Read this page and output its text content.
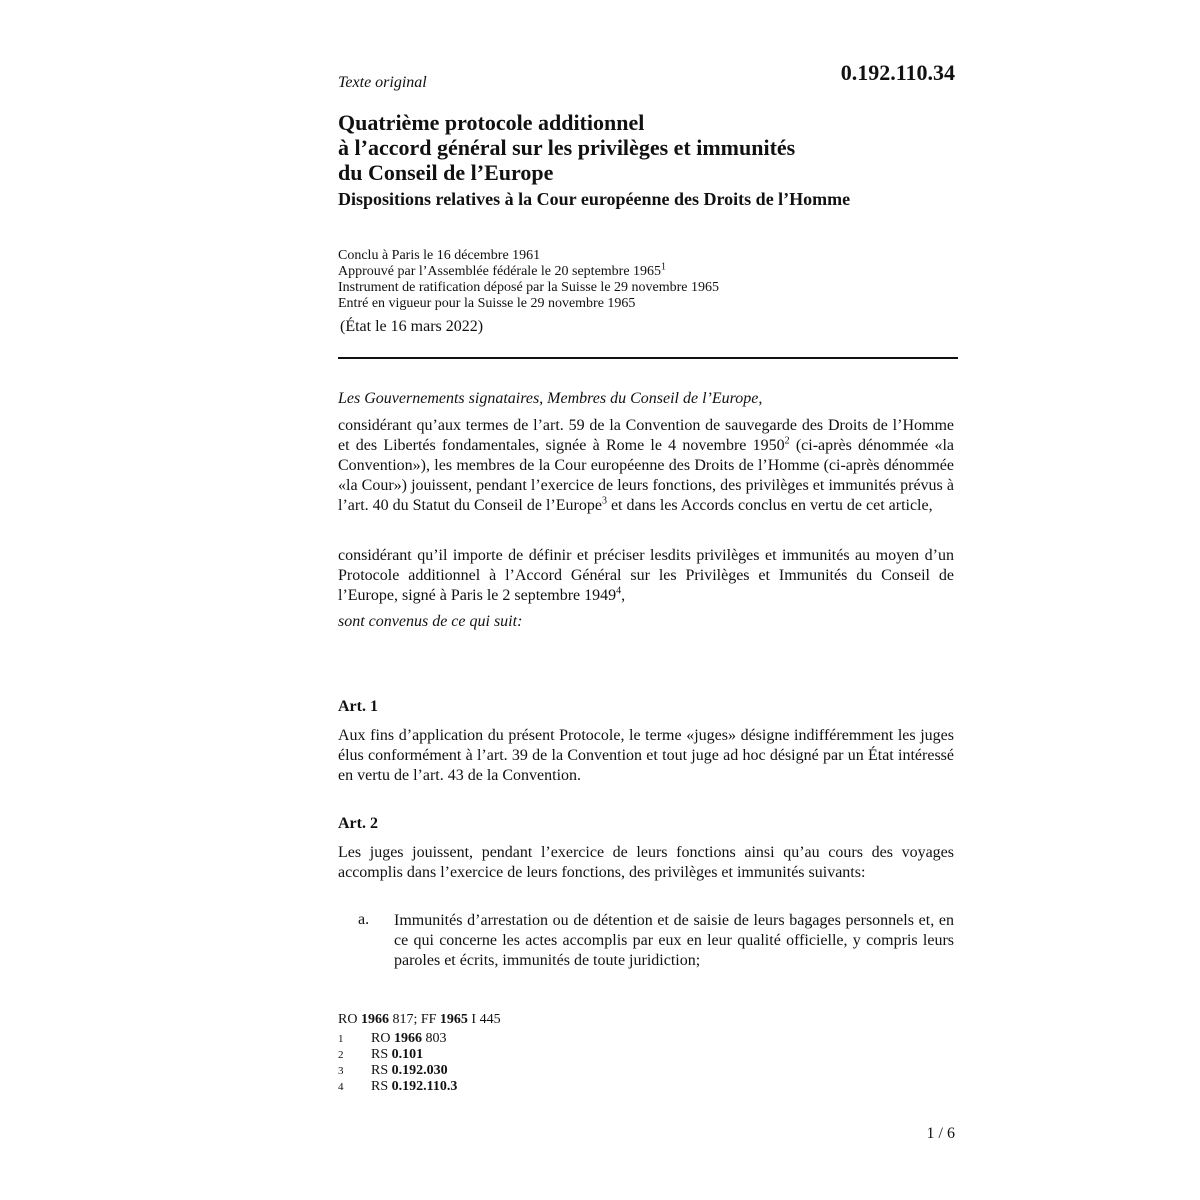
Texte original	0.192.110.34
Quatrième protocole additionnel
à l’accord général sur les privilèges et immunités
du Conseil de l’Europe
Dispositions relatives à la Cour européenne des Droits de l’Homme
Conclu à Paris le 16 décembre 1961
Approuvé par l’Assemblée fédérale le 20 septembre 1965$^1$
Instrument de ratification déposé par la Suisse le 29 novembre 1965
Entré en vigueur pour la Suisse le 29 novembre 1965
(État le 16 mars 2022)
Les Gouvernements signataires, Membres du Conseil de l’Europe,
considérant qu’aux termes de l’art. 59 de la Convention de sauvegarde des Droits de l’Homme et des Libertés fondamentales, signée à Rome le 4 novembre 1950$^2$ (ci-après dénommée «la Convention»), les membres de la Cour européenne des Droits de l’Homme (ci-après dénommée «la Cour») jouissent, pendant l’exercice de leurs fonctions, des privilèges et immunités prévus à l’art. 40 du Statut du Conseil de l’Europe$^3$ et dans les Accords conclus en vertu de cet article,
considérant qu’il importe de définir et préciser lesdits privilèges et immunités au moyen d’un Protocole additionnel à l’Accord Général sur les Privilèges et Immunités du Conseil de l’Europe, signé à Paris le 2 septembre 1949$^4$,
sont convenus de ce qui suit:
Art. 1
Aux fins d’application du présent Protocole, le terme «juges» désigne indifféremment les juges élus conformément à l’art. 39 de la Convention et tout juge ad hoc désigné par un État intéressé en vertu de l’art. 43 de la Convention.
Art. 2
Les juges jouissent, pendant l’exercice de leurs fonctions ainsi qu’au cours des voyages accomplis dans l’exercice de leurs fonctions, des privilèges et immunités suivants:
a. Immunités d’arrestation ou de détention et de saisie de leurs bagages personnels et, en ce qui concerne les actes accomplis par eux en leur qualité officielle, y compris leurs paroles et écrits, immunités de toute juridiction;
RO 1966 817; FF 1965 I 445
1 RO 1966 803
2 RS 0.101
3 RS 0.192.030
4 RS 0.192.110.3
1 / 6
